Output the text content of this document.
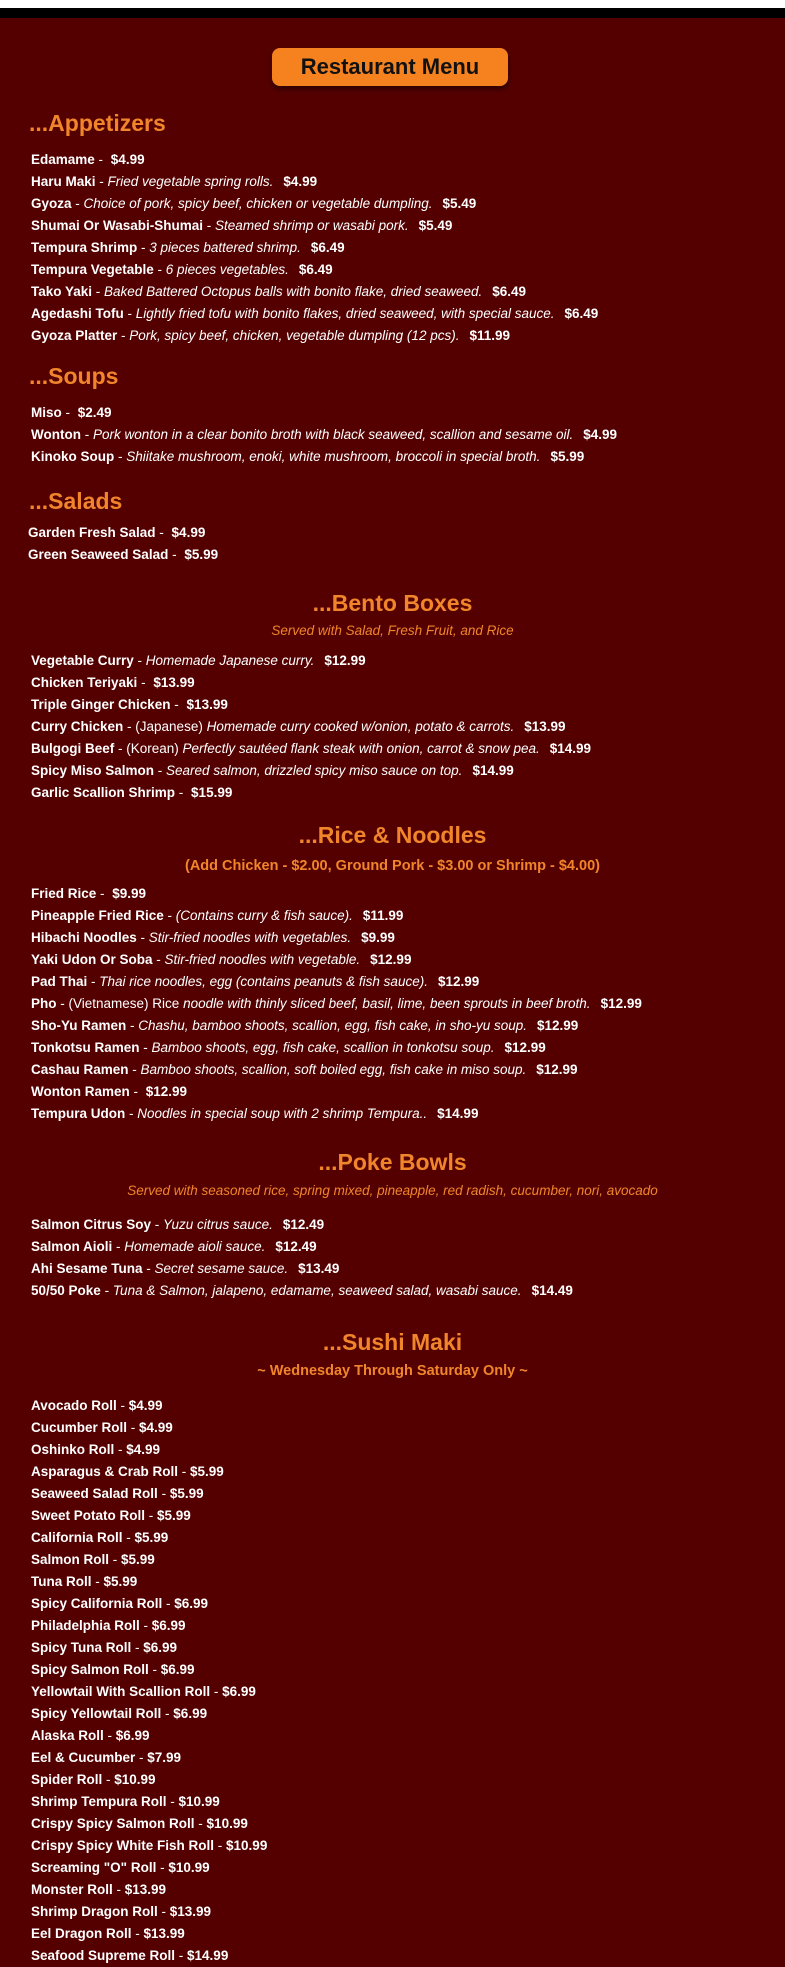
Restaurant Menu
...Appetizers
Edamame - $4.99
Haru Maki - Fried vegetable spring rolls. $4.99
Gyoza - Choice of pork, spicy beef, chicken or vegetable dumpling. $5.49
Shumai Or Wasabi-Shumai - Steamed shrimp or wasabi pork. $5.49
Tempura Shrimp - 3 pieces battered shrimp. $6.49
Tempura Vegetable - 6 pieces vegetables. $6.49
Tako Yaki - Baked Battered Octopus balls with bonito flake, dried seaweed. $6.49
Agedashi Tofu - Lightly fried tofu with bonito flakes, dried seaweed, with special sauce. $6.49
Gyoza Platter - Pork, spicy beef, chicken, vegetable dumpling (12 pcs). $11.99
...Soups
Miso - $2.49
Wonton - Pork wonton in a clear bonito broth with black seaweed, scallion and sesame oil. $4.99
Kinoko Soup - Shiitake mushroom, enoki, white mushroom, broccoli in special broth. $5.99
...Salads
Garden Fresh Salad - $4.99
Green Seaweed Salad - $5.99
...Bento Boxes
Served with Salad, Fresh Fruit, and Rice
Vegetable Curry - Homemade Japanese curry. $12.99
Chicken Teriyaki - $13.99
Triple Ginger Chicken - $13.99
Curry Chicken - (Japanese) Homemade curry cooked w/onion, potato & carrots. $13.99
Bulgogi Beef - (Korean) Perfectly sautéed flank steak with onion, carrot & snow pea. $14.99
Spicy Miso Salmon - Seared salmon, drizzled spicy miso sauce on top. $14.99
Garlic Scallion Shrimp - $15.99
...Rice & Noodles
(Add Chicken - $2.00, Ground Pork - $3.00 or Shrimp - $4.00)
Fried Rice - $9.99
Pineapple Fried Rice - (Contains curry & fish sauce). $11.99
Hibachi Noodles - Stir-fried noodles with vegetables. $9.99
Yaki Udon Or Soba - Stir-fried noodles with vegetable. $12.99
Pad Thai - Thai rice noodles, egg (contains peanuts & fish sauce). $12.99
Pho - (Vietnamese) Rice noodle with thinly sliced beef, basil, lime, been sprouts in beef broth. $12.99
Sho-Yu Ramen - Chashu, bamboo shoots, scallion, egg, fish cake, in sho-yu soup. $12.99
Tonkotsu Ramen - Bamboo shoots, egg, fish cake, scallion in tonkotsu soup. $12.99
Cashau Ramen - Bamboo shoots, scallion, soft boiled egg, fish cake in miso soup. $12.99
Wonton Ramen - $12.99
Tempura Udon - Noodles in special soup with 2 shrimp Tempura.. $14.99
...Poke Bowls
Served with seasoned rice, spring mixed, pineapple, red radish, cucumber, nori, avocado
Salmon Citrus Soy - Yuzu citrus sauce. $12.49
Salmon Aioli - Homemade aioli sauce. $12.49
Ahi Sesame Tuna - Secret sesame sauce. $13.49
50/50 Poke - Tuna & Salmon, jalapeno, edamame, seaweed salad, wasabi sauce. $14.49
...Sushi Maki
~ Wednesday Through Saturday Only ~
Avocado Roll - $4.99
Cucumber Roll - $4.99
Oshinko Roll - $4.99
Asparagus & Crab Roll - $5.99
Seaweed Salad Roll - $5.99
Sweet Potato Roll - $5.99
California Roll - $5.99
Salmon Roll - $5.99
Tuna Roll - $5.99
Spicy California Roll - $6.99
Philadelphia Roll - $6.99
Spicy Tuna Roll - $6.99
Spicy Salmon Roll - $6.99
Yellowtail With Scallion Roll - $6.99
Spicy Yellowtail Roll - $6.99
Alaska Roll - $6.99
Eel & Cucumber - $7.99
Spider Roll - $10.99
Shrimp Tempura Roll - $10.99
Crispy Spicy Salmon Roll - $10.99
Crispy Spicy White Fish Roll - $10.99
Screaming "O" Roll - $10.99
Monster Roll - $13.99
Shrimp Dragon Roll - $13.99
Eel Dragon Roll - $13.99
Seafood Supreme Roll - $14.99
